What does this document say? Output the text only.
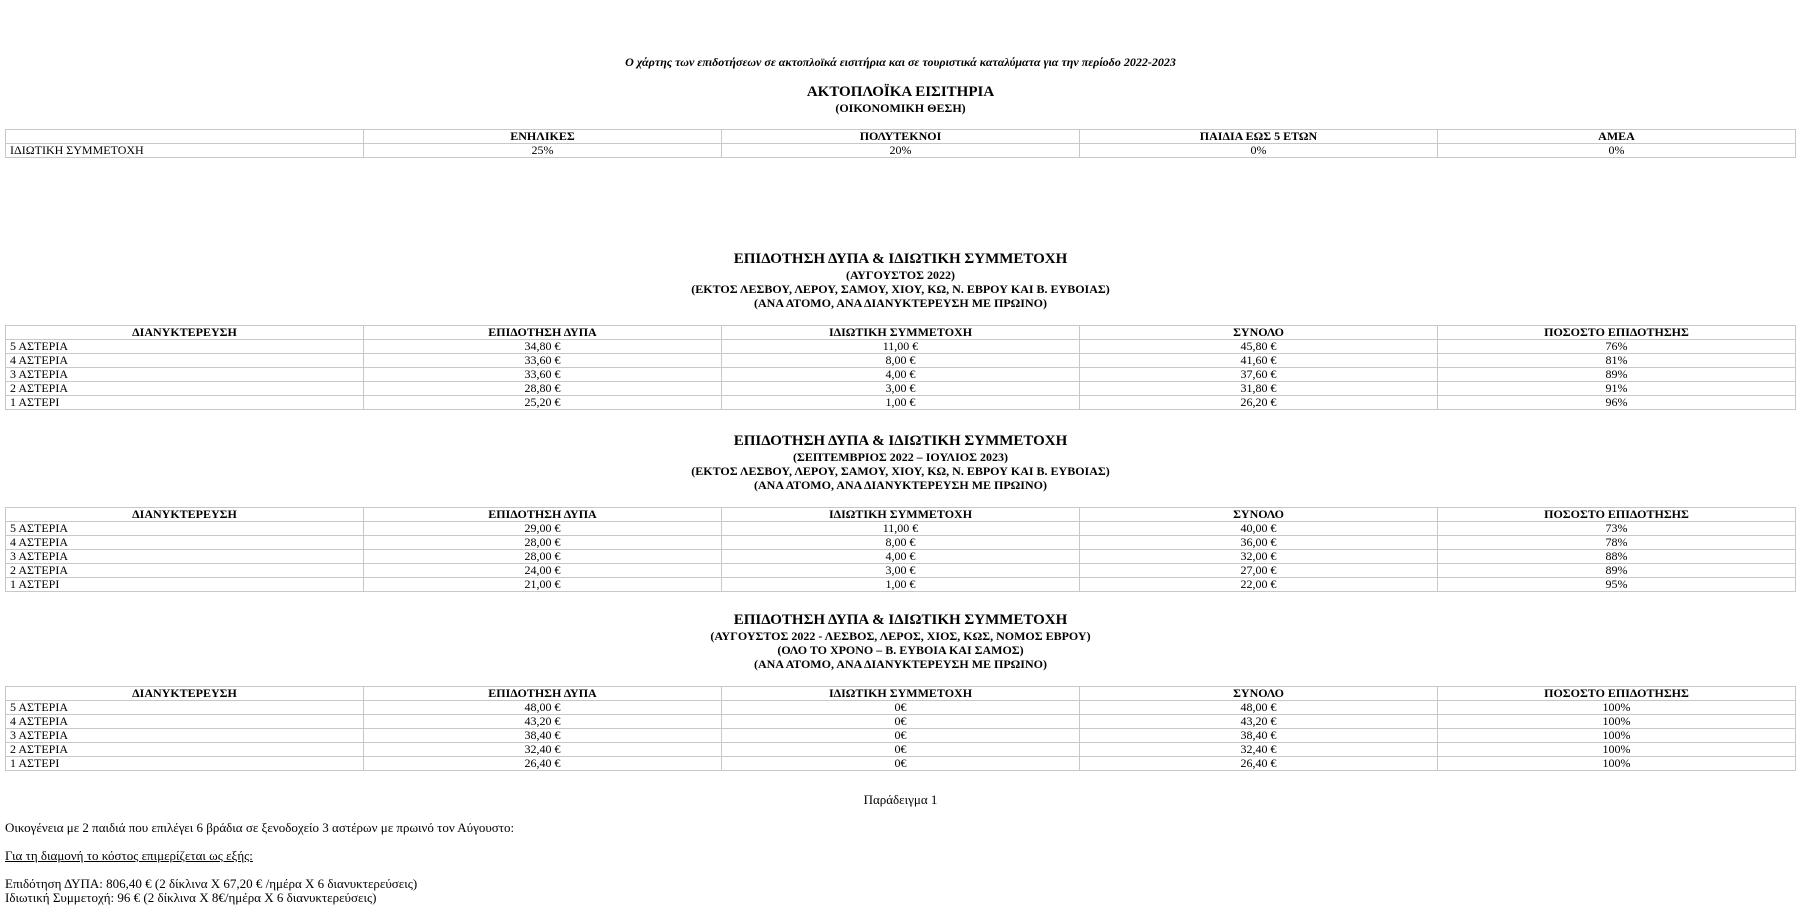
Ο χάρτης των επιδοτήσεων σε ακτοπλοϊκά εισιτήρια και σε τουριστικά καταλύματα για την περίοδο 2022-2023
ΑΚΤΟΠΛΟΪΚΑ ΕΙΣΙΤΗΡΙΑ
(ΟΙΚΟΝΟΜΙΚΗ ΘΕΣΗ)
	ΕΝΗΛΙΚΕΣ	ΠΟΛΥΤΕΚΝΟΙ	ΠΑΙΔΙΑ ΕΩΣ 5 ΕΤΩΝ	ΑΜΕΑ
ΙΔΙΩΤΙΚΗ ΣΥΜΜΕΤΟΧΗ	25%	20%	0%	0%
ΕΠΙΔΟΤΗΣΗ ΔΥΠΑ & ΙΔΙΩΤΙΚΗ ΣΥΜΜΕΤΟΧΗ
(ΑΥΓΟΥΣΤΟΣ 2022)
(ΕΚΤΟΣ ΛΕΣΒΟΥ, ΛΕΡΟΥ, ΣΑΜΟΥ, ΧΙΟΥ, ΚΩ, Ν. ΕΒΡΟΥ ΚΑΙ Β. ΕΥΒΟΙΑΣ)
(ΑΝΑ ΑΤΟΜΟ, ΑΝΑ ΔΙΑΝΥΚΤΕΡΕΥΣΗ ΜΕ ΠΡΩΙΝΟ)
ΔΙΑΝΥΚΤΕΡΕΥΣΗ	ΕΠΙΔΟΤΗΣΗ ΔΥΠΑ	ΙΔΙΩΤΙΚΗ ΣΥΜΜΕΤΟΧΗ	ΣΥΝΟΛΟ	ΠΟΣΟΣΤΟ ΕΠΙΔΟΤΗΣΗΣ
5 ΑΣΤΕΡΙΑ	34,80 €	11,00 €	45,80 €	76%
4 ΑΣΤΕΡΙΑ	33,60 €	8,00 €	41,60 €	81%
3 ΑΣΤΕΡΙΑ	33,60 €	4,00 €	37,60 €	89%
2 ΑΣΤΕΡΙΑ	28,80 €	3,00 €	31,80 €	91%
1 ΑΣΤΕΡΙ	25,20 €	1,00 €	26,20 €	96%
ΕΠΙΔΟΤΗΣΗ ΔΥΠΑ & ΙΔΙΩΤΙΚΗ ΣΥΜΜΕΤΟΧΗ
(ΣΕΠΤΕΜΒΡΙΟΣ 2022 – ΙΟΥΛΙΟΣ 2023)
(ΕΚΤΟΣ ΛΕΣΒΟΥ, ΛΕΡΟΥ, ΣΑΜΟΥ, ΧΙΟΥ, ΚΩ, Ν. ΕΒΡΟΥ ΚΑΙ Β. ΕΥΒΟΙΑΣ)
(ΑΝΑ ΑΤΟΜΟ, ΑΝΑ ΔΙΑΝΥΚΤΕΡΕΥΣΗ ΜΕ ΠΡΩΙΝΟ)
ΔΙΑΝΥΚΤΕΡΕΥΣΗ	ΕΠΙΔΟΤΗΣΗ ΔΥΠΑ	ΙΔΙΩΤΙΚΗ ΣΥΜΜΕΤΟΧΗ	ΣΥΝΟΛΟ	ΠΟΣΟΣΤΟ ΕΠΙΔΟΤΗΣΗΣ
5 ΑΣΤΕΡΙΑ	29,00 €	11,00 €	40,00 €	73%
4 ΑΣΤΕΡΙΑ	28,00 €	8,00 €	36,00 €	78%
3 ΑΣΤΕΡΙΑ	28,00 €	4,00 €	32,00 €	88%
2 ΑΣΤΕΡΙΑ	24,00 €	3,00 €	27,00 €	89%
1 ΑΣΤΕΡΙ	21,00 €	1,00 €	22,00 €	95%
ΕΠΙΔΟΤΗΣΗ ΔΥΠΑ & ΙΔΙΩΤΙΚΗ ΣΥΜΜΕΤΟΧΗ
(ΑΥΓΟΥΣΤΟΣ 2022 - ΛΕΣΒΟΣ, ΛΕΡΟΣ, ΧΙΟΣ, ΚΩΣ, ΝΟΜΟΣ ΕΒΡΟΥ)
(ΟΛΟ ΤΟ ΧΡΟΝΟ – Β. ΕΥΒΟΙΑ ΚΑΙ ΣΑΜΟΣ)
(ΑΝΑ ΑΤΟΜΟ, ΑΝΑ ΔΙΑΝΥΚΤΕΡΕΥΣΗ ΜΕ ΠΡΩΙΝΟ)
ΔΙΑΝΥΚΤΕΡΕΥΣΗ	ΕΠΙΔΟΤΗΣΗ ΔΥΠΑ	ΙΔΙΩΤΙΚΗ ΣΥΜΜΕΤΟΧΗ	ΣΥΝΟΛΟ	ΠΟΣΟΣΤΟ ΕΠΙΔΟΤΗΣΗΣ
5 ΑΣΤΕΡΙΑ	48,00 €	0€	48,00 €	100%
4 ΑΣΤΕΡΙΑ	43,20 €	0€	43,20 €	100%
3 ΑΣΤΕΡΙΑ	38,40 €	0€	38,40 €	100%
2 ΑΣΤΕΡΙΑ	32,40 €	0€	32,40 €	100%
1 ΑΣΤΕΡΙ	26,40 €	0€	26,40 €	100%
Παράδειγμα 1
Οικογένεια με 2 παιδιά που επιλέγει 6 βράδια σε ξενοδοχείο 3 αστέρων με πρωινό τον Αύγουστο:
Για τη διαμονή το κόστος επιμερίζεται ως εξής:
Επιδότηση ΔΥΠΑ: 806,40 € (2 δίκλινα Χ 67,20 € /ημέρα Χ 6 διανυκτερεύσεις)
Ιδιωτική Συμμετοχή: 96 € (2 δίκλινα Χ 8€/ημέρα Χ 6 διανυκτερεύσεις)
